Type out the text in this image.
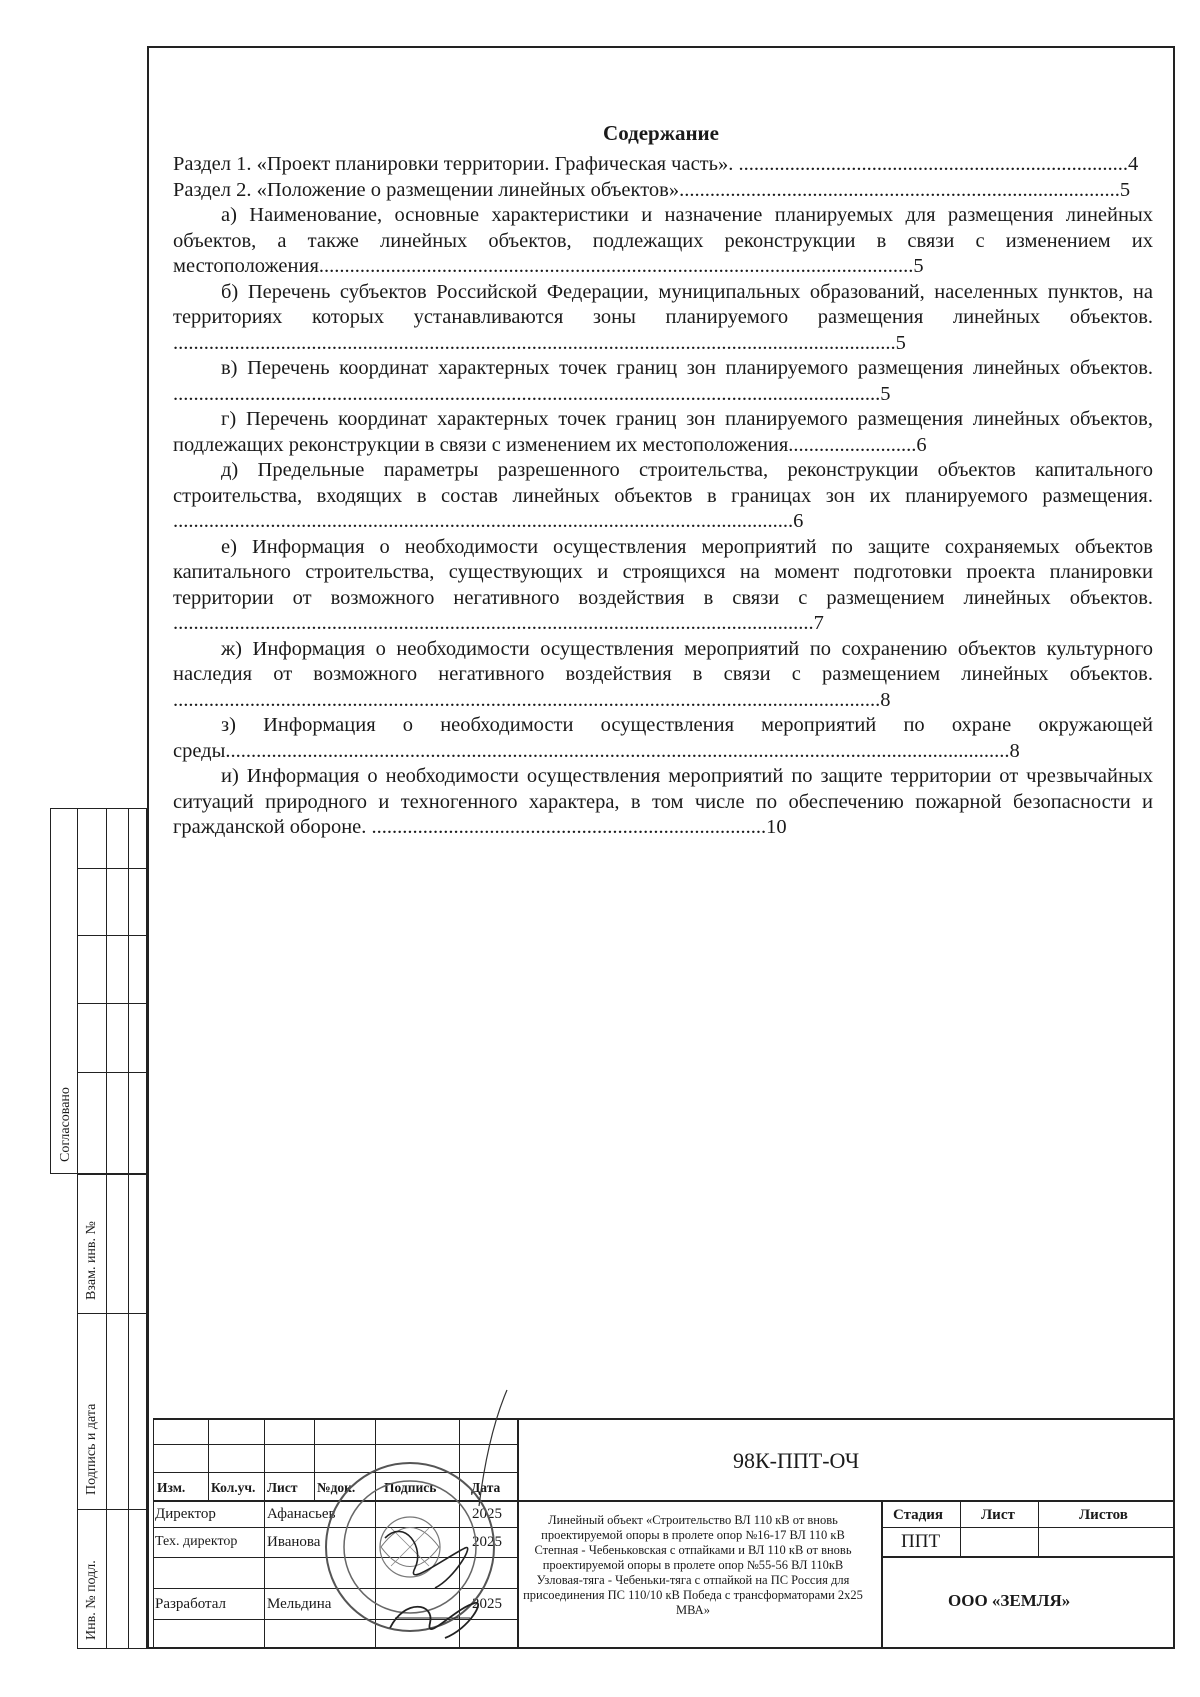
Содержание

Раздел 1. «Проект планировки территории. Графическая часть». ............................................................................4

Раздел 2. «Положение о размещении линейных объектов»......................................................................................5

а) Наименование, основные характеристики и назначение планируемых для размещения линейных объектов, а также линейных объектов, подлежащих реконструкции в связи с изменением их местоположения....................................................................................................................5

б) Перечень субъектов Российской Федерации, муниципальных образований, населенных пунктов, на территориях которых устанавливаются зоны планируемого размещения линейных объектов. .............................................................................................................................................5

в) Перечень координат характерных точек границ зон планируемого размещения линейных объектов. ..........................................................................................................................................5

г) Перечень координат характерных точек границ зон планируемого размещения линейных объектов, подлежащих реконструкции в связи с изменением их местоположения.........................6

д) Предельные параметры разрешенного строительства, реконструкции объектов капитального строительства, входящих в состав линейных объектов в границах зон их планируемого размещения. .........................................................................................................................6

е) Информация о необходимости осуществления мероприятий по защите сохраняемых объектов капитального строительства, существующих и строящихся на момент подготовки проекта планировки территории от возможного негативного воздействия в связи с размещением линейных объектов. .............................................................................................................................7

ж) Информация о необходимости осуществления мероприятий по сохранению объектов культурного наследия от возможного негативного воздействия в связи с размещением линейных объектов. ..........................................................................................................................................8

з) Информация о необходимости осуществления мероприятий по охране окружающей среды.........................................................................................................................................................8

и) Информация о необходимости осуществления мероприятий по защите территории от чрезвычайных ситуаций природного и техногенного характера, в том числе по обеспечению пожарной безопасности и гражданской обороне. .............................................................................10

Согласовано
Взам. инв. №
Подпись и дата
Инв. № подл.
Изм. Кол.уч. Лист №док. Подпись	Дата
Директор	Афанасьев	2025
Тех. директор Иванова	2025
Разработал	Мельдина	2025
98К-ППТ-ОЧ
Линейный объект «Строительство ВЛ 110 кВ от вновь проектируемой опоры в пролете опор №16-17 ВЛ 110 кВ Степная - Чебеньковская с отпайками и ВЛ 110 кВ от вновь проектируемой опоры в пролете опор №55-56 ВЛ 110кВ Узловая-тяга - Чебеньки-тяга с отпайкой на ПС Россия для присоединения ПС 110/10 кВ Победа с трансформаторами 2х25 МВА»
Стадия	Лист	Листов
ППТ
ООО «ЗЕМЛЯ»
